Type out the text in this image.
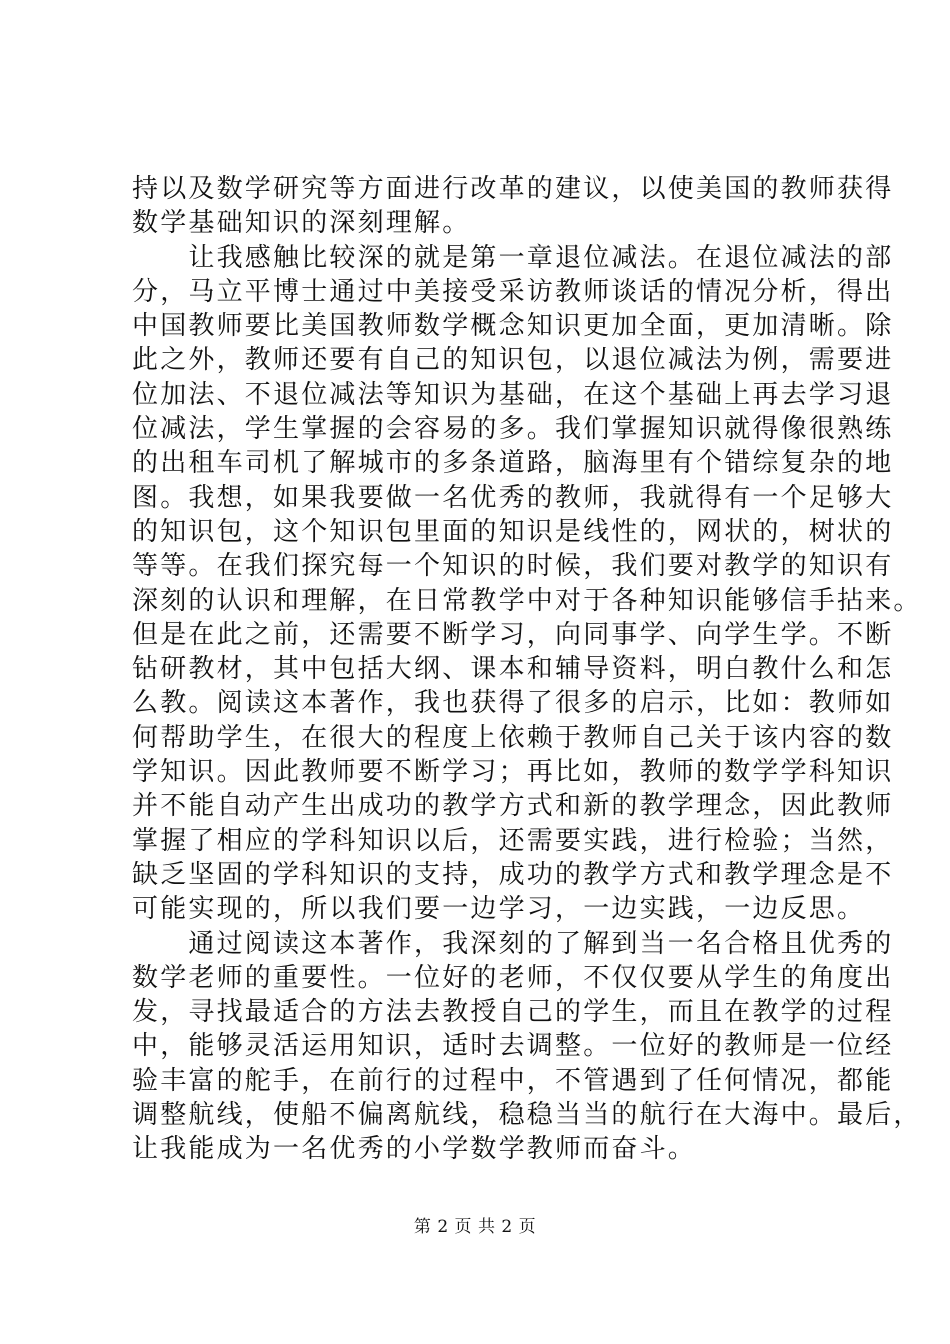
持以及数学研究等方面进行改革的建议，以使美国的教师获得
数学基础知识的深刻理解。
　　让我感触比较深的就是第一章退位减法。在退位减法的部
分，马立平博士通过中美接受采访教师谈话的情况分析，得出
中国教师要比美国教师数学概念知识更加全面，更加清晰。除
此之外，教师还要有自己的知识包，以退位减法为例，需要进
位加法、不退位减法等知识为基础，在这个基础上再去学习退
位减法，学生掌握的会容易的多。我们掌握知识就得像很熟练
的出租车司机了解城市的多条道路，脑海里有个错综复杂的地
图。我想，如果我要做一名优秀的教师，我就得有一个足够大
的知识包，这个知识包里面的知识是线性的，网状的，树状的
等等。在我们探究每一个知识的时候，我们要对教学的知识有
深刻的认识和理解，在日常教学中对于各种知识能够信手拈来。
但是在此之前，还需要不断学习，向同事学、向学生学。不断
钻研教材，其中包括大纲、课本和辅导资料，明白教什么和怎
么教。阅读这本著作，我也获得了很多的启示，比如：教师如
何帮助学生，在很大的程度上依赖于教师自己关于该内容的数
学知识。因此教师要不断学习；再比如，教师的数学学科知识
并不能自动产生出成功的教学方式和新的教学理念，因此教师
掌握了相应的学科知识以后，还需要实践，进行检验；当然，
缺乏坚固的学科知识的支持，成功的教学方式和教学理念是不
可能实现的，所以我们要一边学习，一边实践，一边反思。
　　通过阅读这本著作，我深刻的了解到当一名合格且优秀的
数学老师的重要性。一位好的老师，不仅仅要从学生的角度出
发，寻找最适合的方法去教授自己的学生，而且在教学的过程
中，能够灵活运用知识，适时去调整。一位好的教师是一位经
验丰富的舵手，在前行的过程中，不管遇到了任何情况，都能
调整航线，使船不偏离航线，稳稳当当的航行在大海中。最后，
让我能成为一名优秀的小学数学教师而奋斗。
第 2 页 共 2 页
